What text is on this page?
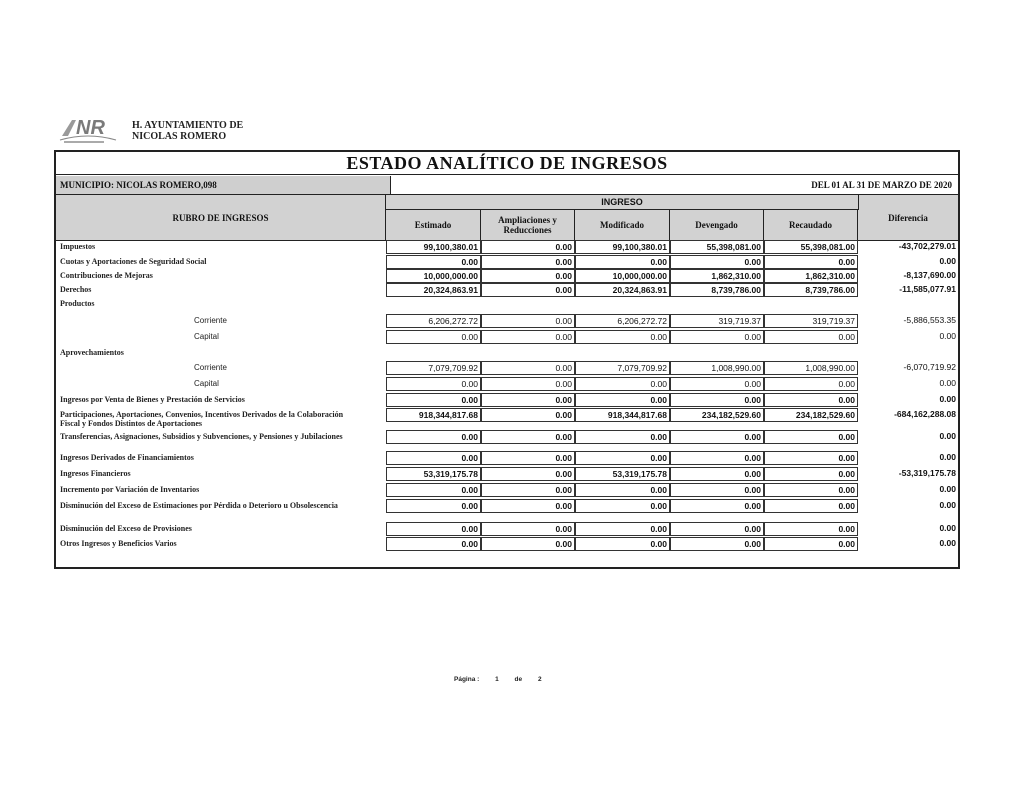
NR	H. AYUNTAMIENTO DE
NICOLAS ROMERO
ESTADO ANALÍTICO DE INGRESOS
MUNICIPIO: NICOLAS ROMERO,098	DEL 01 AL 31 DE MARZO DE 2020
RUBRO DE INGRESOS
INGRESO
Estimado	Ampliaciones y Reducciones	Modificado	Devengado	Recaudado
Diferencia
Impuestos	99,100,380.01	0.00	99,100,380.01	55,398,081.00	55,398,081.00	-43,702,279.01
Cuotas y Aportaciones de Seguridad Social	0.00	0.00	0.00	0.00	0.00	0.00
Contribuciones de Mejoras	10,000,000.00	0.00	10,000,000.00	1,862,310.00	1,862,310.00	-8,137,690.00
Derechos	20,324,863.91	0.00	20,324,863.91	8,739,786.00	8,739,786.00	-11,585,077.91
Productos
Corriente	6,206,272.72	0.00	6,206,272.72	319,719.37	319,719.37	-5,886,553.35
Capital	0.00	0.00	0.00	0.00	0.00	0.00
Aprovechamientos
Corriente	7,079,709.92	0.00	7,079,709.92	1,008,990.00	1,008,990.00	-6,070,719.92
Capital	0.00	0.00	0.00	0.00	0.00	0.00
Ingresos por Venta de Bienes y Prestación de Servicios	0.00	0.00	0.00	0.00	0.00	0.00
Participaciones, Aportaciones, Convenios, Incentivos Derivados de la Colaboración Fiscal y Fondos Distintos de Aportaciones
918,344,817.68	0.00	918,344,817.68	234,182,529.60	234,182,529.60	-684,162,288.08
Transferencias, Asignaciones, Subsidios y Subvenciones, y Pensiones y Jubilaciones	0.00	0.00	0.00	0.00	0.00	0.00
Ingresos Derivados de Financiamientos	0.00	0.00	0.00	0.00	0.00	0.00
Ingresos Financieros	53,319,175.78	0.00	53,319,175.78	0.00	0.00	-53,319,175.78
Incremento por Variación de Inventarios	0.00	0.00	0.00	0.00	0.00	0.00
Disminución del Exceso de Estimaciones por Pérdida o Deterioro u Obsolescencia	0.00	0.00	0.00	0.00	0.00	0.00
Disminución del Exceso de Provisiones	0.00	0.00	0.00	0.00	0.00	0.00
Otros Ingresos y Beneficios Varios	0.00	0.00	0.00	0.00	0.00	0.00
Página : 1 de 2
